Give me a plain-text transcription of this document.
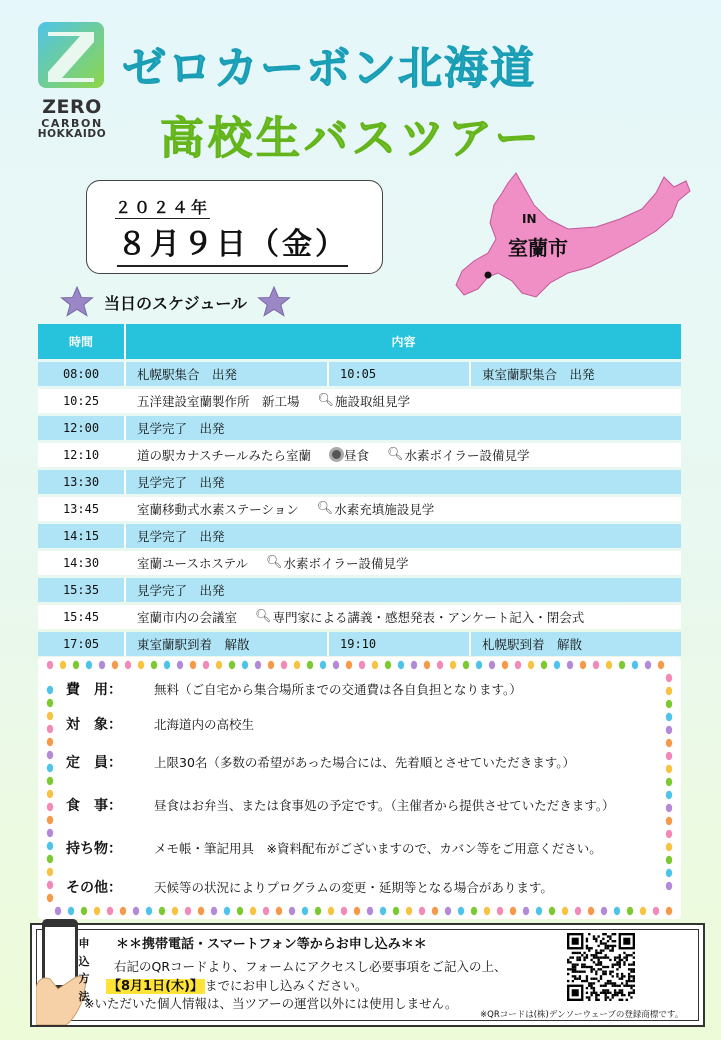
ZERO
CARBON
HOKKAIDO
ゼロカーボン北海道
高校生バスツアー
２０２４年
８月９日（金）
IN
室蘭市
当日のスケジュール
時間	内容
08:00	札幌駅集合　出発	10:05	東室蘭駅集合　出発
10:25	五洋建設室蘭製作所　新工場 🔍︎ 施設取組見学
12:00	見学完了　出発
12:10	道の駅カナスチールみたら室蘭	昼食 🔍︎ 水素ボイラー設備見学
13:30	見学完了　出発
13:45	室蘭移動式水素ステーション 🔍︎ 水素充填施設見学
14:15	見学完了　出発
14:30	室蘭ユースホステル 🔍︎ 水素ボイラー設備見学
15:35	見学完了　出発
15:45	室蘭市内の会議室 🔍︎ 専門家による講義・感想発表・アンケート記入・閉会式
17:05	東室蘭駅到着　解散	19:10	札幌駅到着　解散
費　用：	無料（ご自宅から集合場所までの交通費は各自負担となります。）
対　象：	北海道内の高校生
定　員：	上限30名（多数の希望があった場合には、先着順とさせていただきます。）
食　事：	昼食はお弁当、または食事処の予定です。（主催者から提供させていただきます。）
持ち物：	メモ帳・筆記用具　※資料配布がございますので、カバン等をご用意ください。
その他：	天候等の状況によりプログラムの変更・延期等となる場合があります。
申
込
方
法
＊＊携帯電話・スマートフォン等からお申し込み＊＊
右記のQRコードより、フォームにアクセスし必要事項をご記入の上、
【8月1日(木)】 までにお申し込みください。
※いただいた個人情報は、当ツアーの運営以外には使用しません。
※QRコードは(株)デンソーウェーブの登録商標です。
